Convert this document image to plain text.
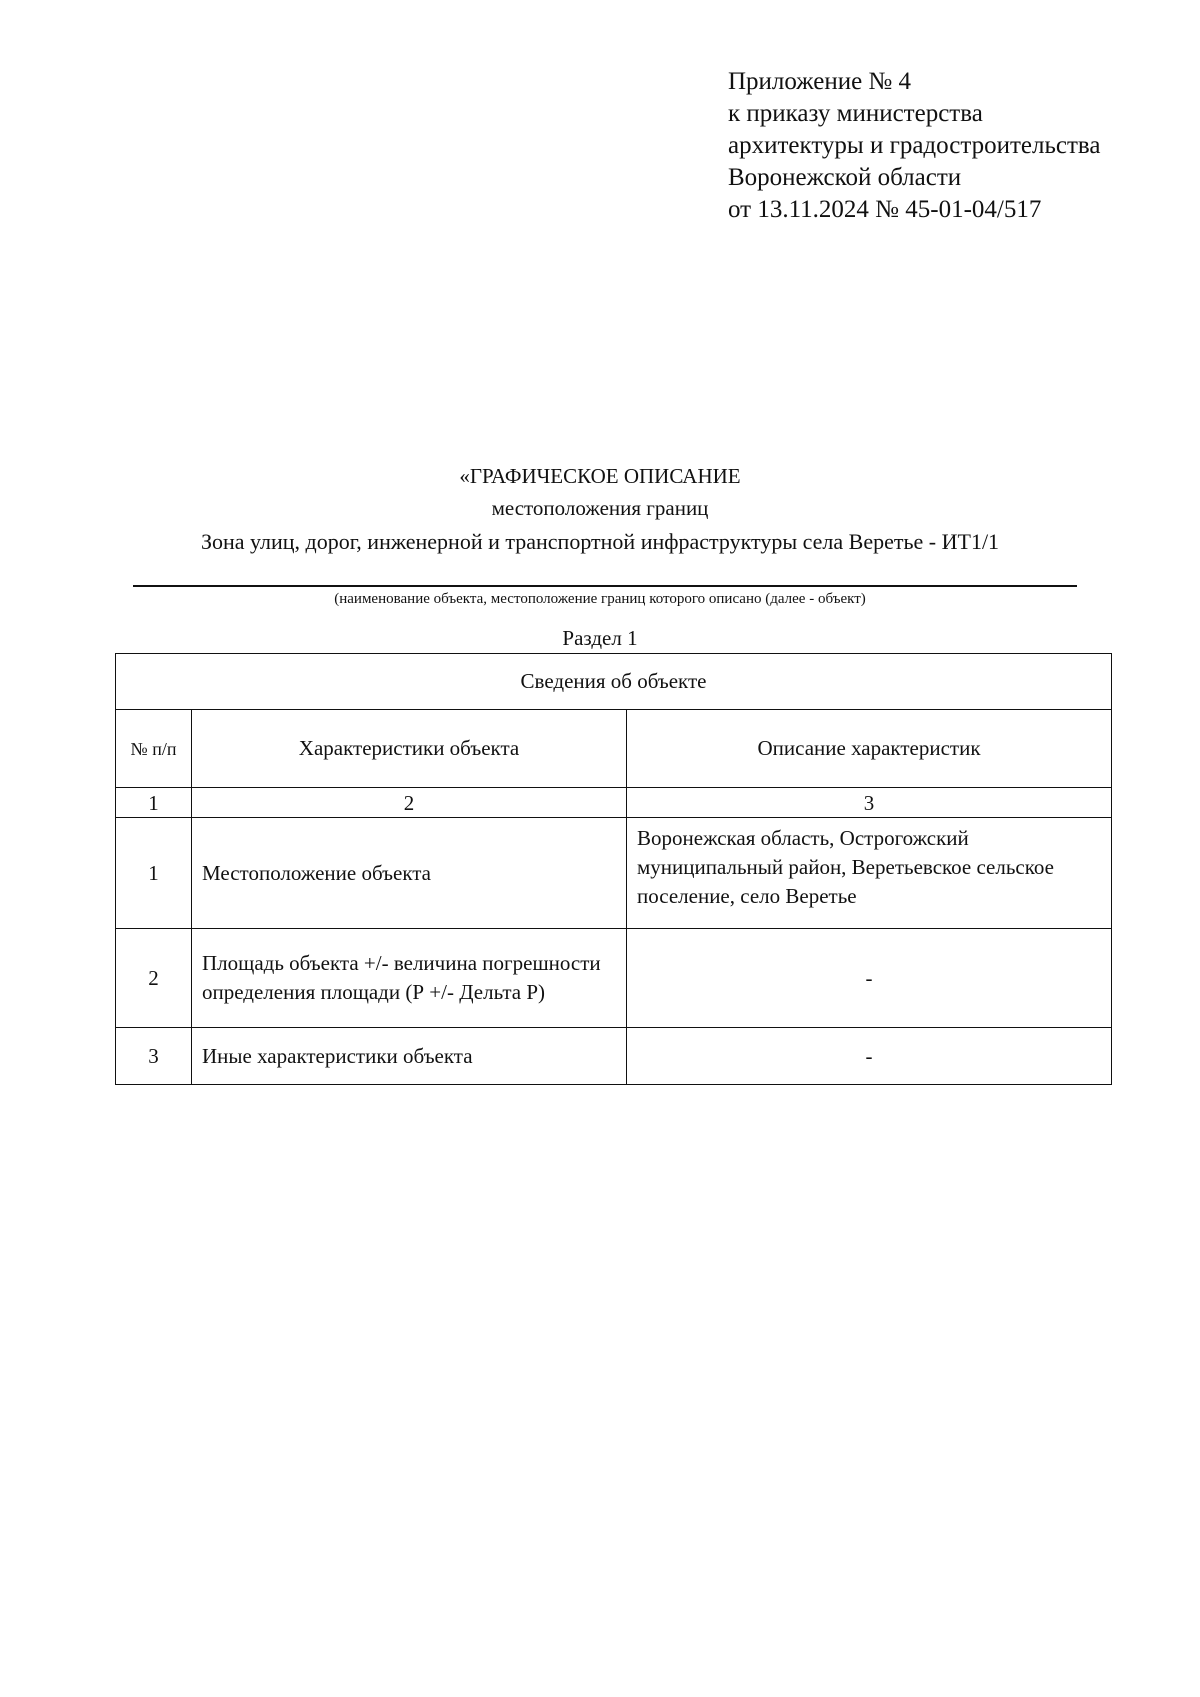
Приложение № 4
к приказу министерства
архитектуры и градостроительства
Воронежской области
от 13.11.2024 № 45-01-04/517
«ГРАФИЧЕСКОЕ ОПИСАНИЕ
местоположения границ
Зона улиц, дорог, инженерной и транспортной инфраструктуры села Веретье - ИТ1/1
(наименование объекта, местоположение границ которого описано (далее - объект)
Раздел 1
Сведения об объекте		
№ п/п	Характеристики объекта	Описание характеристик
1	2	3
1	Местоположение объекта	Воронежская область, Острогожский муниципальный район, Веретьевское сельское поселение, село Веретье
2	Площадь объекта +/- величина погрешности определения площади (Р +/- Дельта Р)	-
3	Иные характеристики объекта	-
